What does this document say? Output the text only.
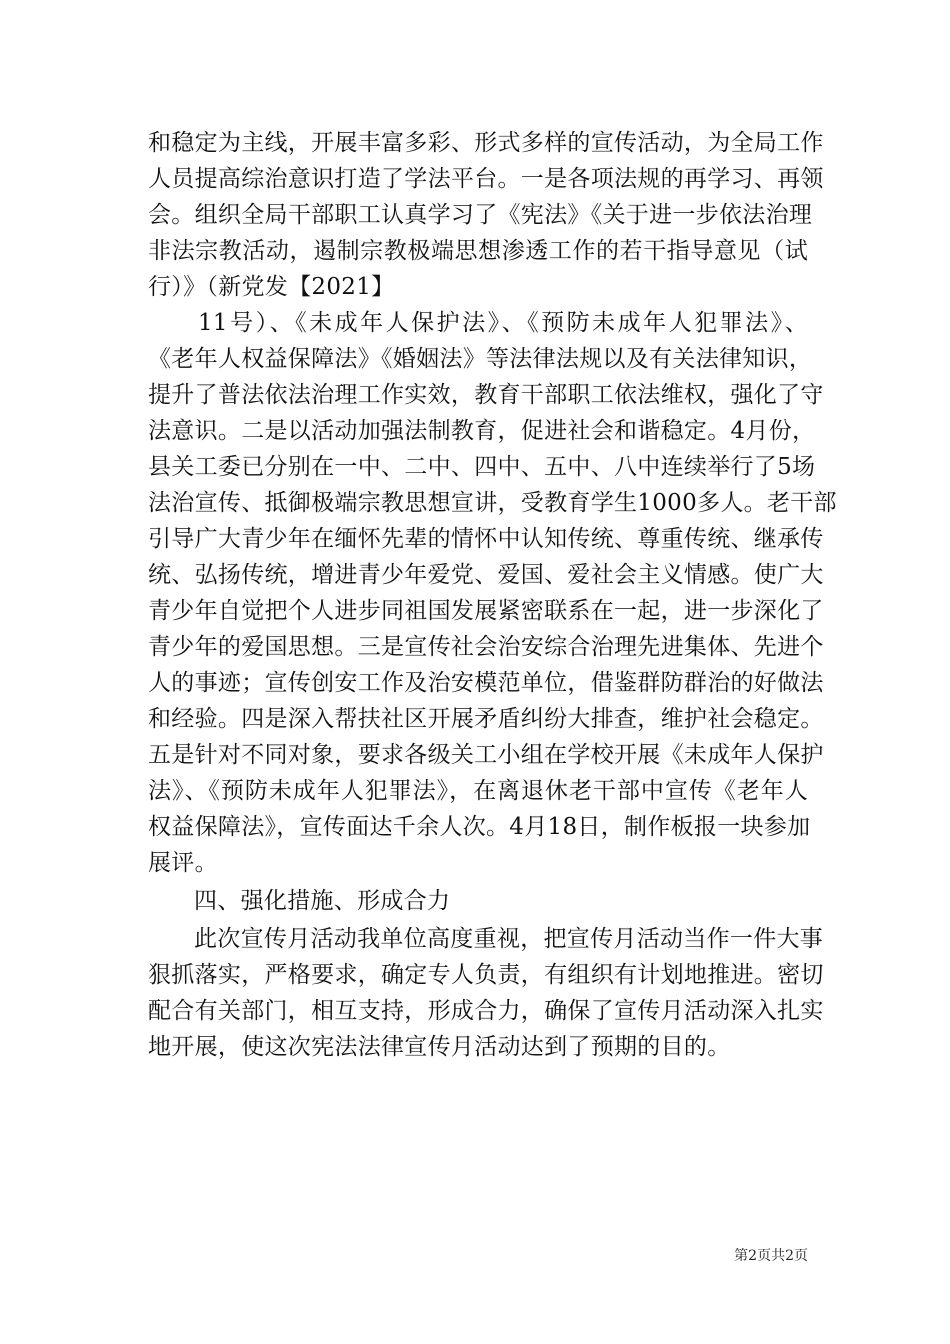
和稳定为主线，开展丰富多彩、形式多样的宣传活动，为全局工作
人员提高综治意识打造了学法平台。一是各项法规的再学习、再领
会。组织全局干部职工认真学习了《宪法》《关于进一步依法治理
非法宗教活动，遏制宗教极端思想渗透工作的若干指导意见（试
行）》（新党发【2021】
11号）、《未成年人保护法》、《预防未成年人犯罪法》、
《老年人权益保障法》《婚姻法》等法律法规以及有关法律知识，
提升了普法依法治理工作实效，教育干部职工依法维权，强化了守
法意识。二是以活动加强法制教育，促进社会和谐稳定。4月份，
县关工委已分别在一中、二中、四中、五中、八中连续举行了5场
法治宣传、抵御极端宗教思想宣讲，受教育学生1000多人。老干部
引导广大青少年在缅怀先辈的情怀中认知传统、尊重传统、继承传
统、弘扬传统，增进青少年爱党、爱国、爱社会主义情感。使广大
青少年自觉把个人进步同祖国发展紧密联系在一起，进一步深化了
青少年的爱国思想。三是宣传社会治安综合治理先进集体、先进个
人的事迹；宣传创安工作及治安模范单位，借鉴群防群治的好做法
和经验。四是深入帮扶社区开展矛盾纠纷大排查，维护社会稳定。
五是针对不同对象，要求各级关工小组在学校开展《未成年人保护
法》、《预防未成年人犯罪法》，在离退休老干部中宣传《老年人
权益保障法》，宣传面达千余人次。4月18日，制作板报一块参加
展评。
四、强化措施、形成合力
此次宣传月活动我单位高度重视，把宣传月活动当作一件大事
狠抓落实，严格要求，确定专人负责，有组织有计划地推进。密切
配合有关部门，相互支持，形成合力，确保了宣传月活动深入扎实
地开展，使这次宪法法律宣传月活动达到了预期的目的。
第2页共2页
